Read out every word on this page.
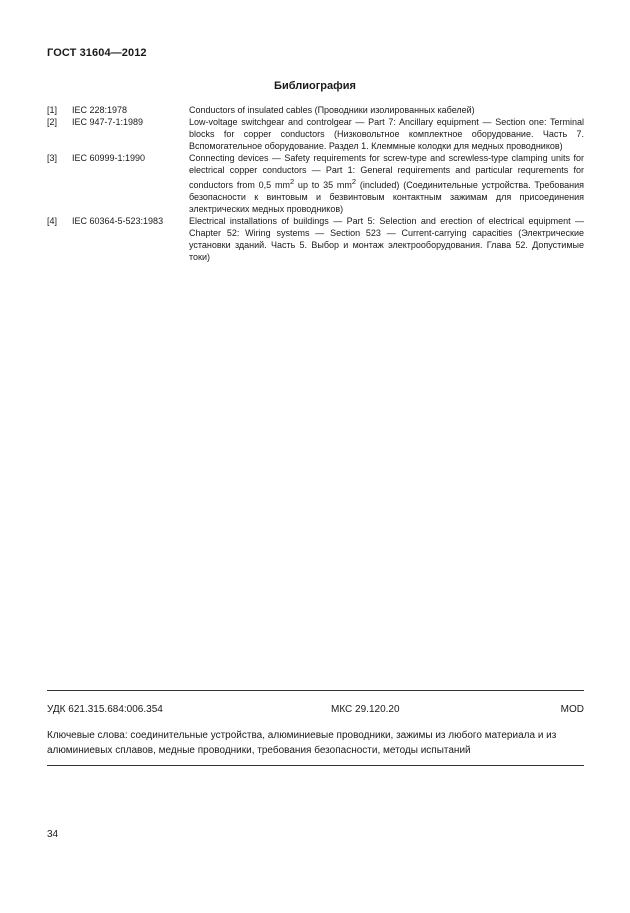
ГОСТ 31604—2012
Библиография
[1]	IEC 228:1978	Conductors of insulated cables (Проводники изолированных кабелей)
[2]	IEC 947-7-1:1989	Low-voltage switchgear and controlgear — Part 7: Ancillary equipment — Section one: Terminal blocks for copper conductors (Низковольтное комплектное оборудование. Часть 7. Вспомогательное оборудование. Раздел 1. Клеммные колодки для медных проводников)
[3]	IEC 60999-1:1990	Connecting devices — Safety requirements for screw-type and screwless-type clamping units for electrical copper conductors — Part 1: General requirements and particular requrements for conductors from 0,5 $mm^2$ up to 35 $mm^2$ (included) (Соединительные устройства. Требования безопасности к винтовым и безвинтовым контактным зажимам для присоединения электрических медных проводников)
[4]	IEC 60364-5-523:1983	Electrical installations of buildings — Part 5: Selection and erection of electrical equipment — Chapter 52: Wiring systems — Section 523 — Current-carrying capacities (Электрические установки зданий. Часть 5. Выбор и монтаж электрооборудования. Глава 52. Допустимые токи)
УДК 621.315.684:006.354	МКС 29.120.20	MOD
Ключевые слова: соединительные устройства, алюминиевые проводники, зажимы из любого материала и из алюминиевых сплавов, медные проводники, требования безопасности, методы испытаний
34
